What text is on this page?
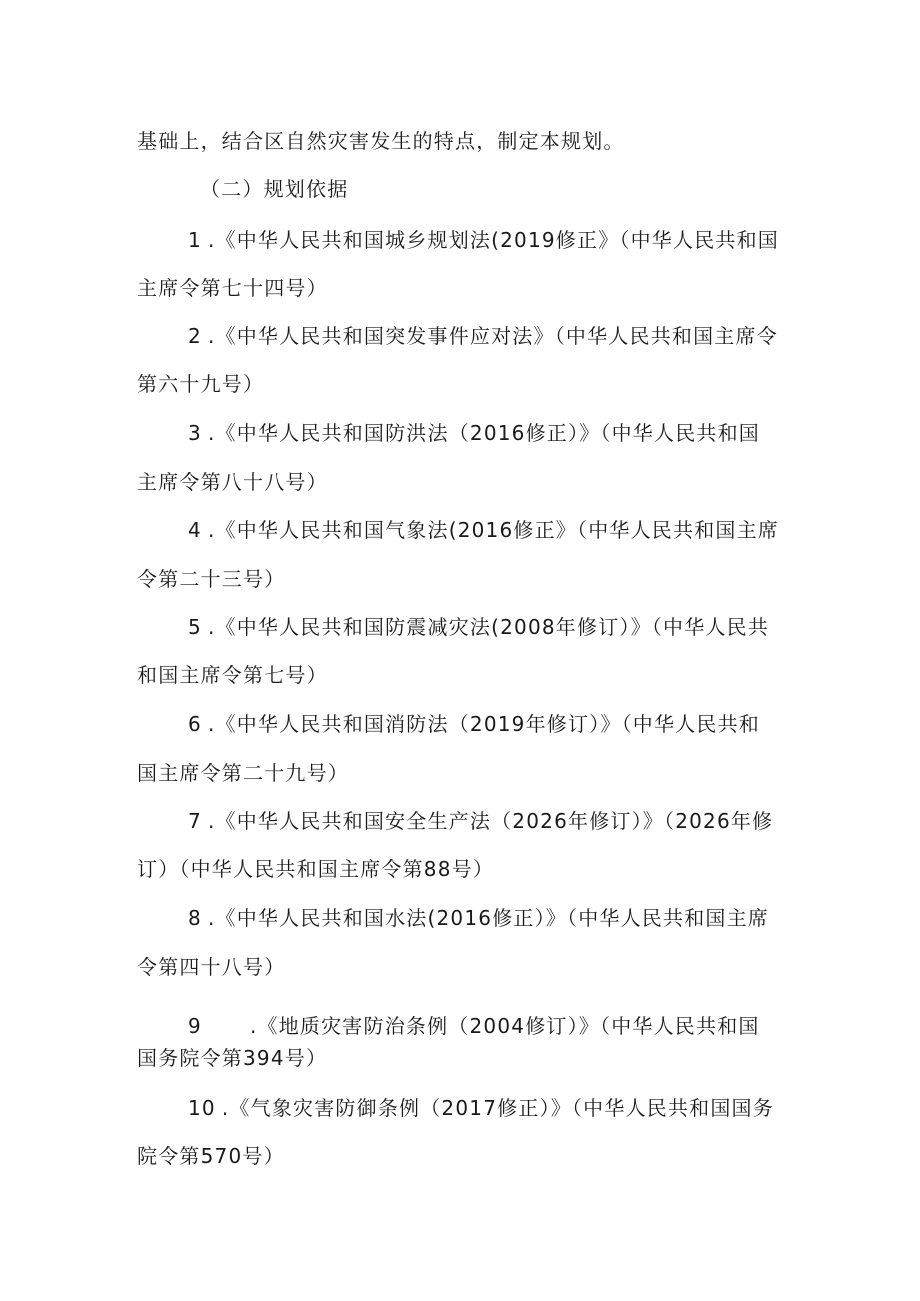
基础上，结合区自然灾害发生的特点，制定本规划。
（二）规划依据
1 .《中华人民共和国城乡规划法(2019修正》（中华人民共和国
主席令第七十四号）
2 .《中华人民共和国突发事件应对法》（中华人民共和国主席令
第六十九号）
3 .《中华人民共和国防洪法（2016修正）》（中华人民共和国
主席令第八十八号）
4 .《中华人民共和国气象法(2016修正》（中华人民共和国主席
令第二十三号）
5 .《中华人民共和国防震减灾法(2008年修订）》（中华人民共
和国主席令第七号）
6 .《中华人民共和国消防法（2019年修订）》（中华人民共和
国主席令第二十九号）
7 .《中华人民共和国安全生产法（2026年修订）》（2026年修
订）（中华人民共和国主席令第88号）
8 .《中华人民共和国水法(2016修正）》（中华人民共和国主席
令第四十八号）
9 .《地质灾害防治条例（2004修订）》（中华人民共和国
国务院令第394号）
10 .《气象灾害防御条例（2017修正）》（中华人民共和国国务
院令第570号）
